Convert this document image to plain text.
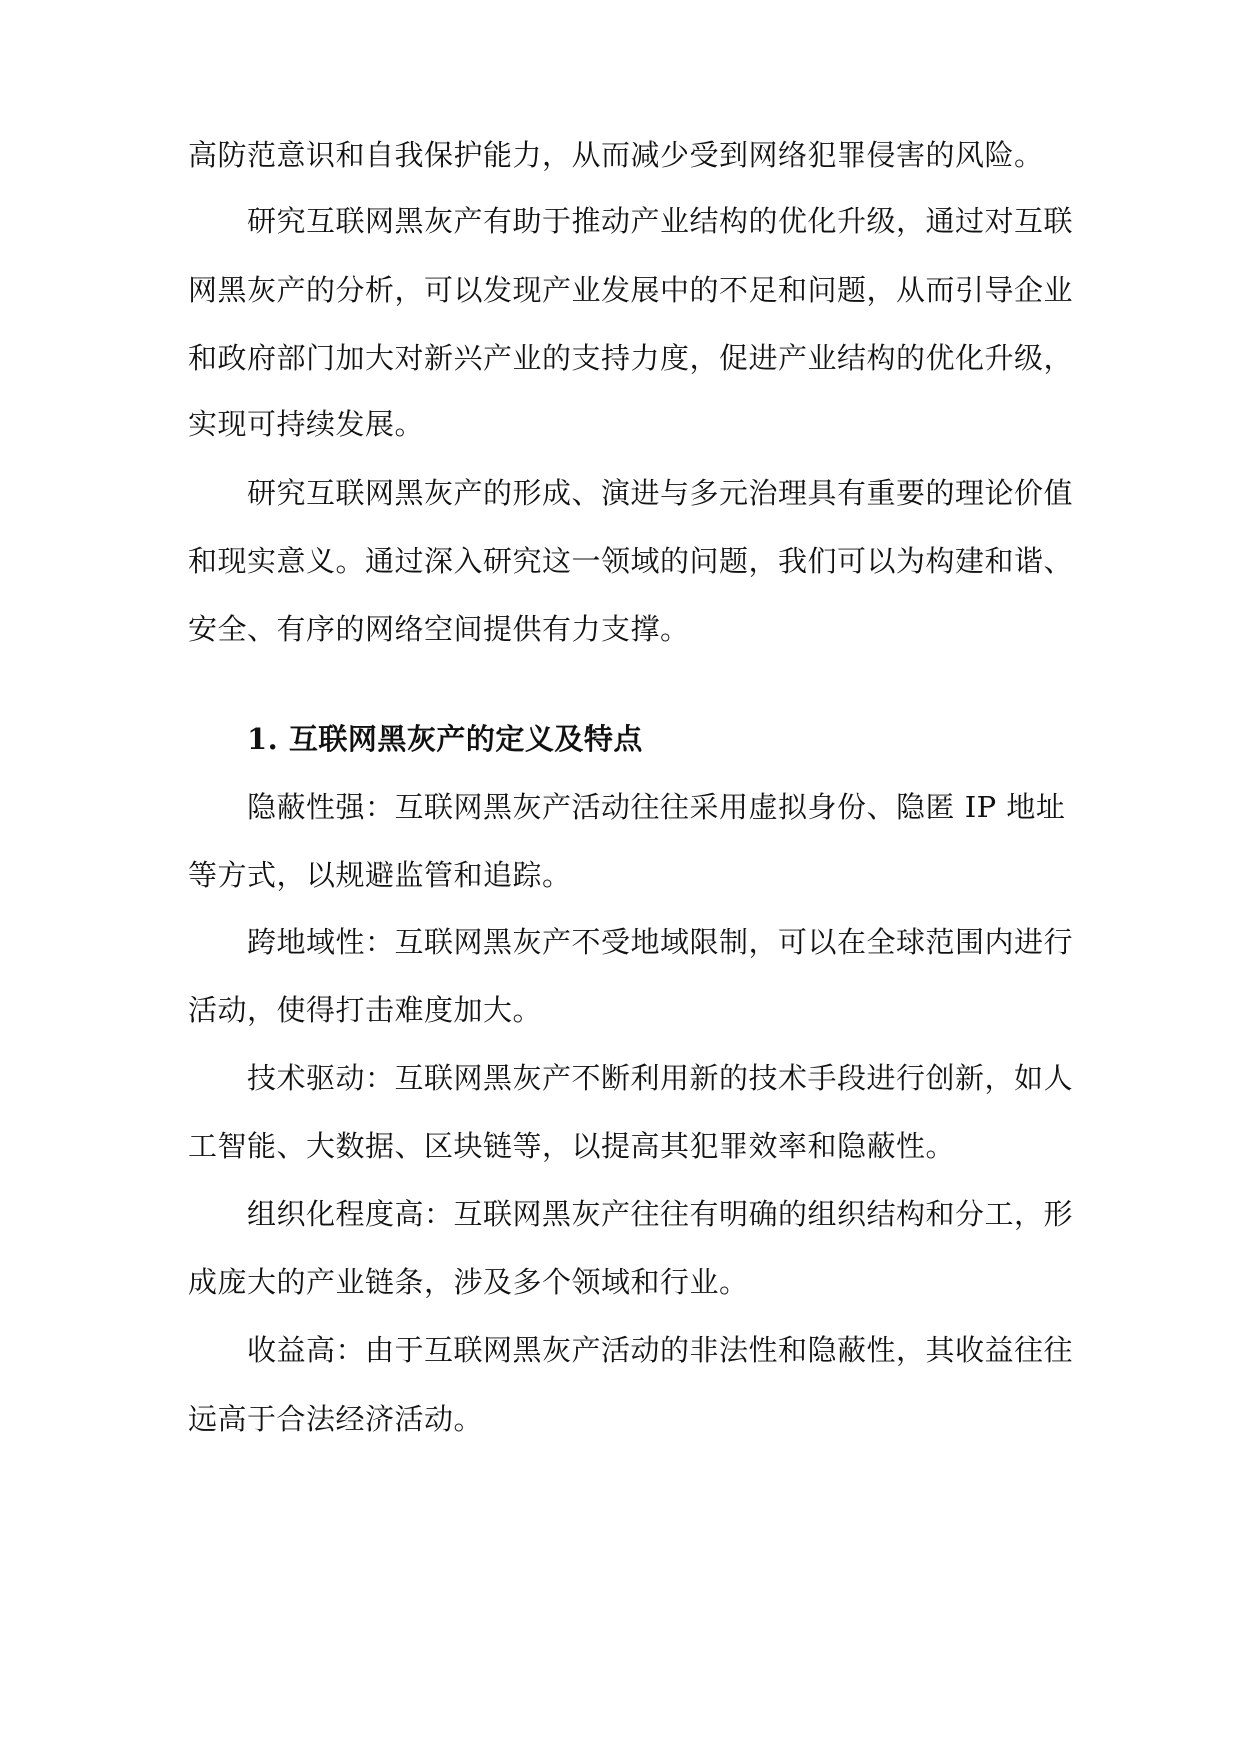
高防范意识和自我保护能力，从而减少受到网络犯罪侵害的风险。
研究互联网黑灰产有助于推动产业结构的优化升级，通过对互联
网黑灰产的分析，可以发现产业发展中的不足和问题，从而引导企业
和政府部门加大对新兴产业的支持力度，促进产业结构的优化升级，
实现可持续发展。
研究互联网黑灰产的形成、演进与多元治理具有重要的理论价值
和现实意义。通过深入研究这一领域的问题，我们可以为构建和谐、
安全、有序的网络空间提供有力支撑。
1. 互联网黑灰产的定义及特点
隐蔽性强：互联网黑灰产活动往往采用虚拟身份、隐匿 IP 地址
等方式，以规避监管和追踪。
跨地域性：互联网黑灰产不受地域限制，可以在全球范围内进行
活动，使得打击难度加大。
技术驱动：互联网黑灰产不断利用新的技术手段进行创新，如人
工智能、大数据、区块链等，以提高其犯罪效率和隐蔽性。
组织化程度高：互联网黑灰产往往有明确的组织结构和分工，形
成庞大的产业链条，涉及多个领域和行业。
收益高：由于互联网黑灰产活动的非法性和隐蔽性，其收益往往
远高于合法经济活动。
